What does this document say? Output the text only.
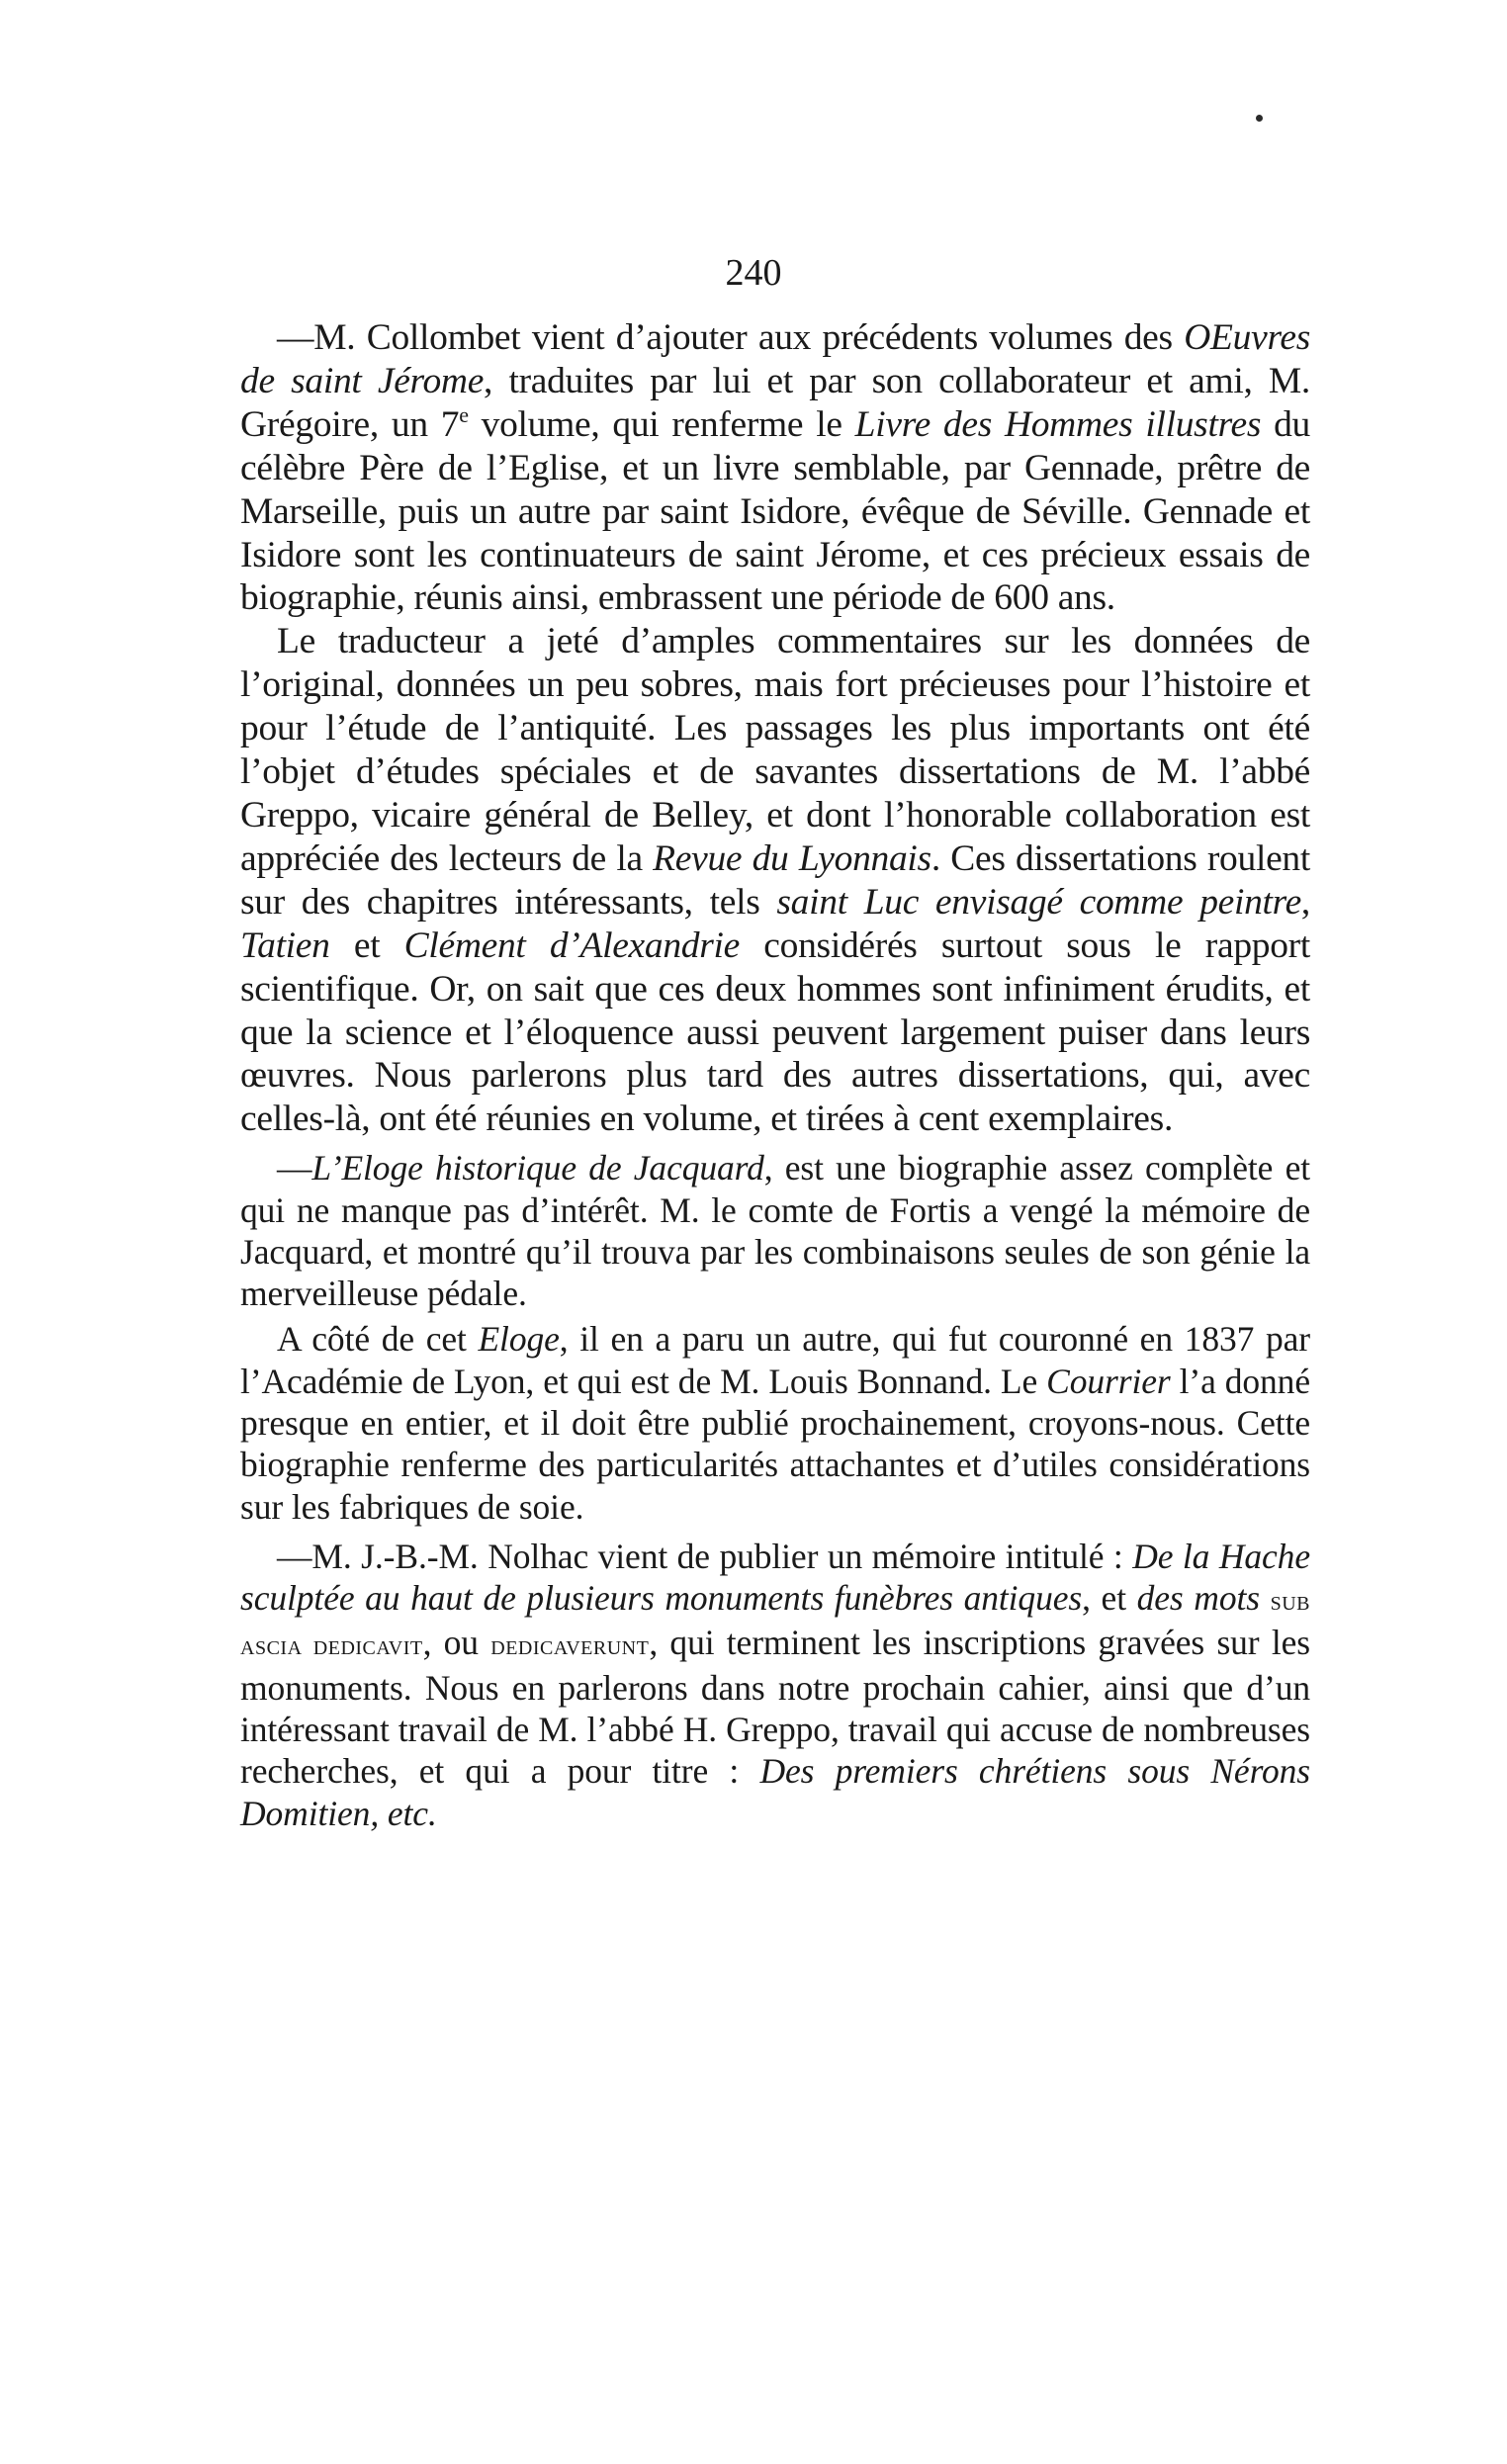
240

—M. Collombet vient d’ajouter aux précédents volumes des OEuvres de saint Jérome, traduites par lui et par son collaborateur et ami, M. Grégoire, un 7e volume, qui renferme le Livre des Hommes illustres du célèbre Père de l’Eglise, et un livre semblable, par Gennade, prêtre de Marseille, puis un autre par saint Isidore, évêque de Séville. Gennade et Isidore sont les continuateurs de saint Jérome, et ces précieux essais de biographie, réunis ainsi, embrassent une période de 600 ans.

Le traducteur a jeté d’amples commentaires sur les données de l’original, données un peu sobres, mais fort précieuses pour l’histoire et pour l’étude de l’antiquité. Les passages les plus importants ont été l’objet d’études spéciales et de savantes dissertations de M. l’abbé Greppo, vicaire général de Belley, et dont l’honorable collaboration est appréciée des lecteurs de la Revue du Lyonnais. Ces dissertations roulent sur des chapitres intéressants, tels saint Luc envisagé comme peintre, Tatien et Clément d’Alexandrie considérés surtout sous le rapport scientifique. Or, on sait que ces deux hommes sont infiniment érudits, et que la science et l’éloquence aussi peuvent largement puiser dans leurs œuvres. Nous parlerons plus tard des autres dissertations, qui, avec celles-là, ont été réunies en volume, et tirées à cent exemplaires.

—L’Eloge historique de Jacquard, est une biographie assez complète et qui ne manque pas d’intérêt. M. le comte de Fortis a vengé la mémoire de Jacquard, et montré qu’il trouva par les combinaisons seules de son génie la merveilleuse pédale.

A côté de cet Eloge, il en a paru un autre, qui fut couronné en 1837 par l’Académie de Lyon, et qui est de M. Louis Bonnand. Le Courrier l’a donné presque en entier, et il doit être publié prochainement, croyons-nous. Cette biographie renferme des particularités attachantes et d’utiles considérations sur les fabriques de soie.

—M. J.-B.-M. Nolhac vient de publier un mémoire intitulé : De la Hache sculptée au haut de plusieurs monuments funèbres antiques, et des mots sub ascia dedicavit, ou dedicaverunt, qui terminent les inscriptions gravées sur les monuments. Nous en parlerons dans notre prochain cahier, ainsi que d’un intéressant travail de M. l’abbé H. Greppo, travail qui accuse de nombreuses recherches, et qui a pour titre : Des premiers chrétiens sous Nérons Domitien, etc.
